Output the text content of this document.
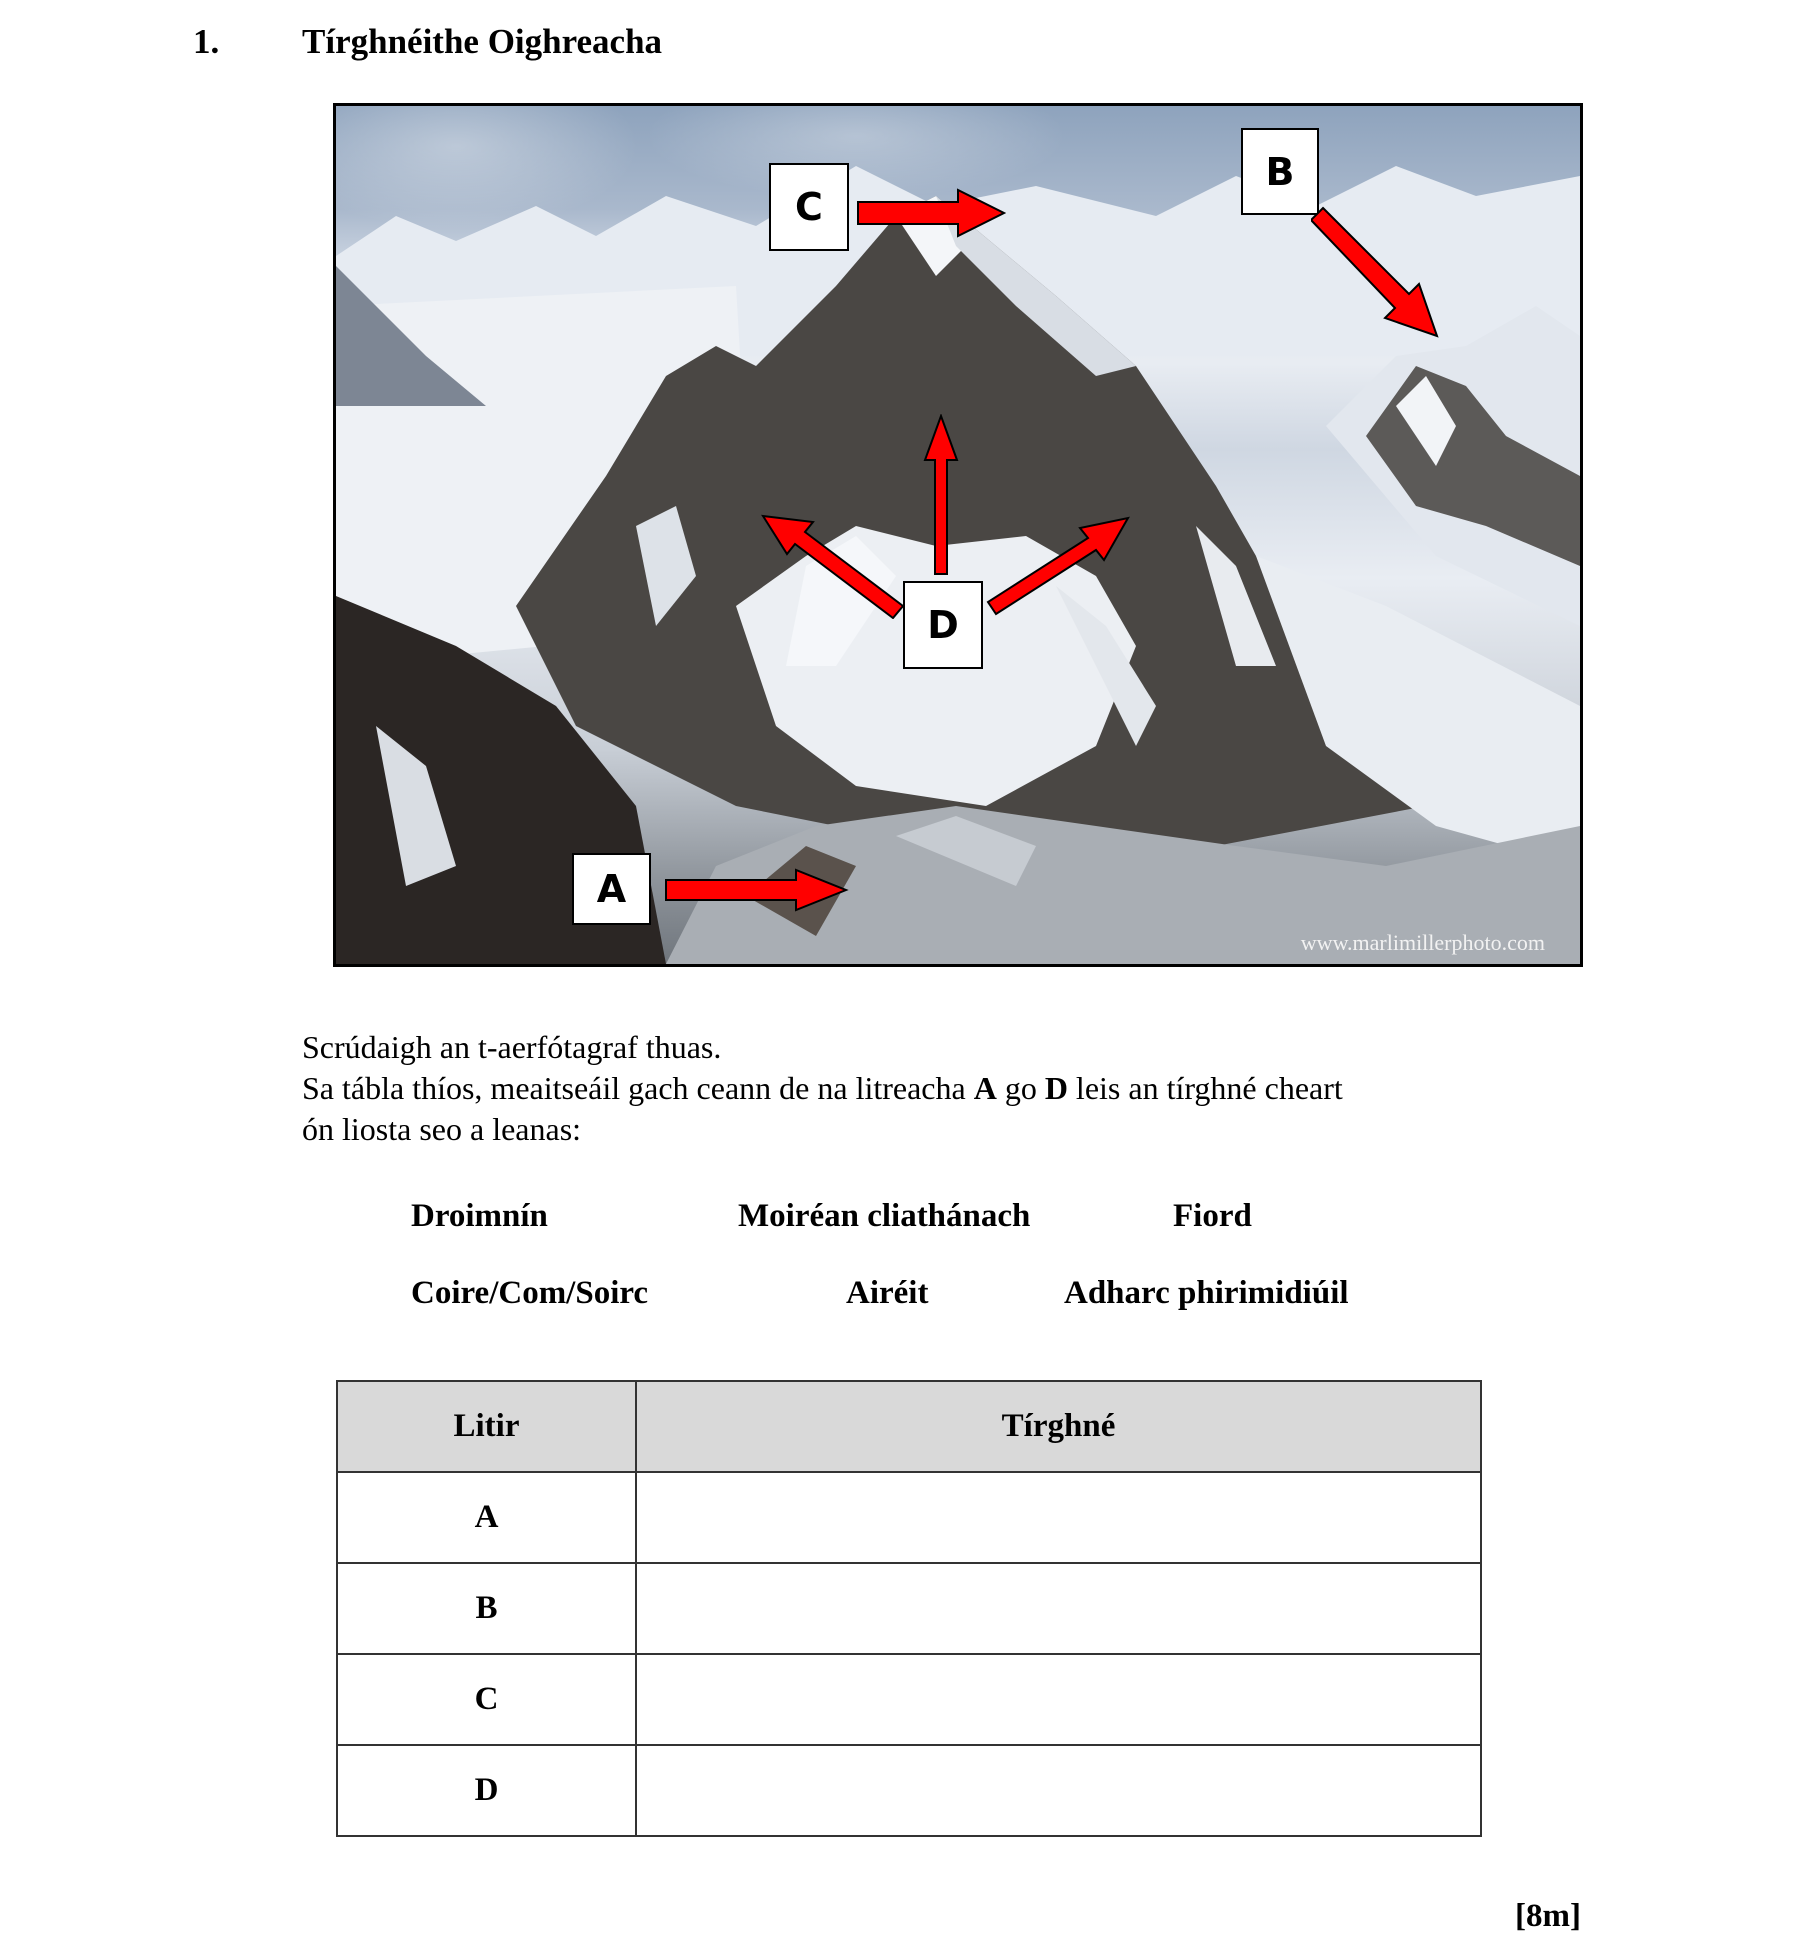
1. Tírghnéithe Oighreacha
C
B
D
A
www.marlimillerphoto.com
Scrúdaigh an t-aerfótagraf thuas.
Sa tábla thíos, meaitseáil gach ceann de na litreacha A go D leis an tírghné cheart
ón liosta seo a leanas:
Droimnín	Moiréan cliathánach	Fiord
Coire/Com/Soirc	Airéit	Adharc phirimidiúil
Litir	Tírghné
A	
B	
C	
D	
[8m]
